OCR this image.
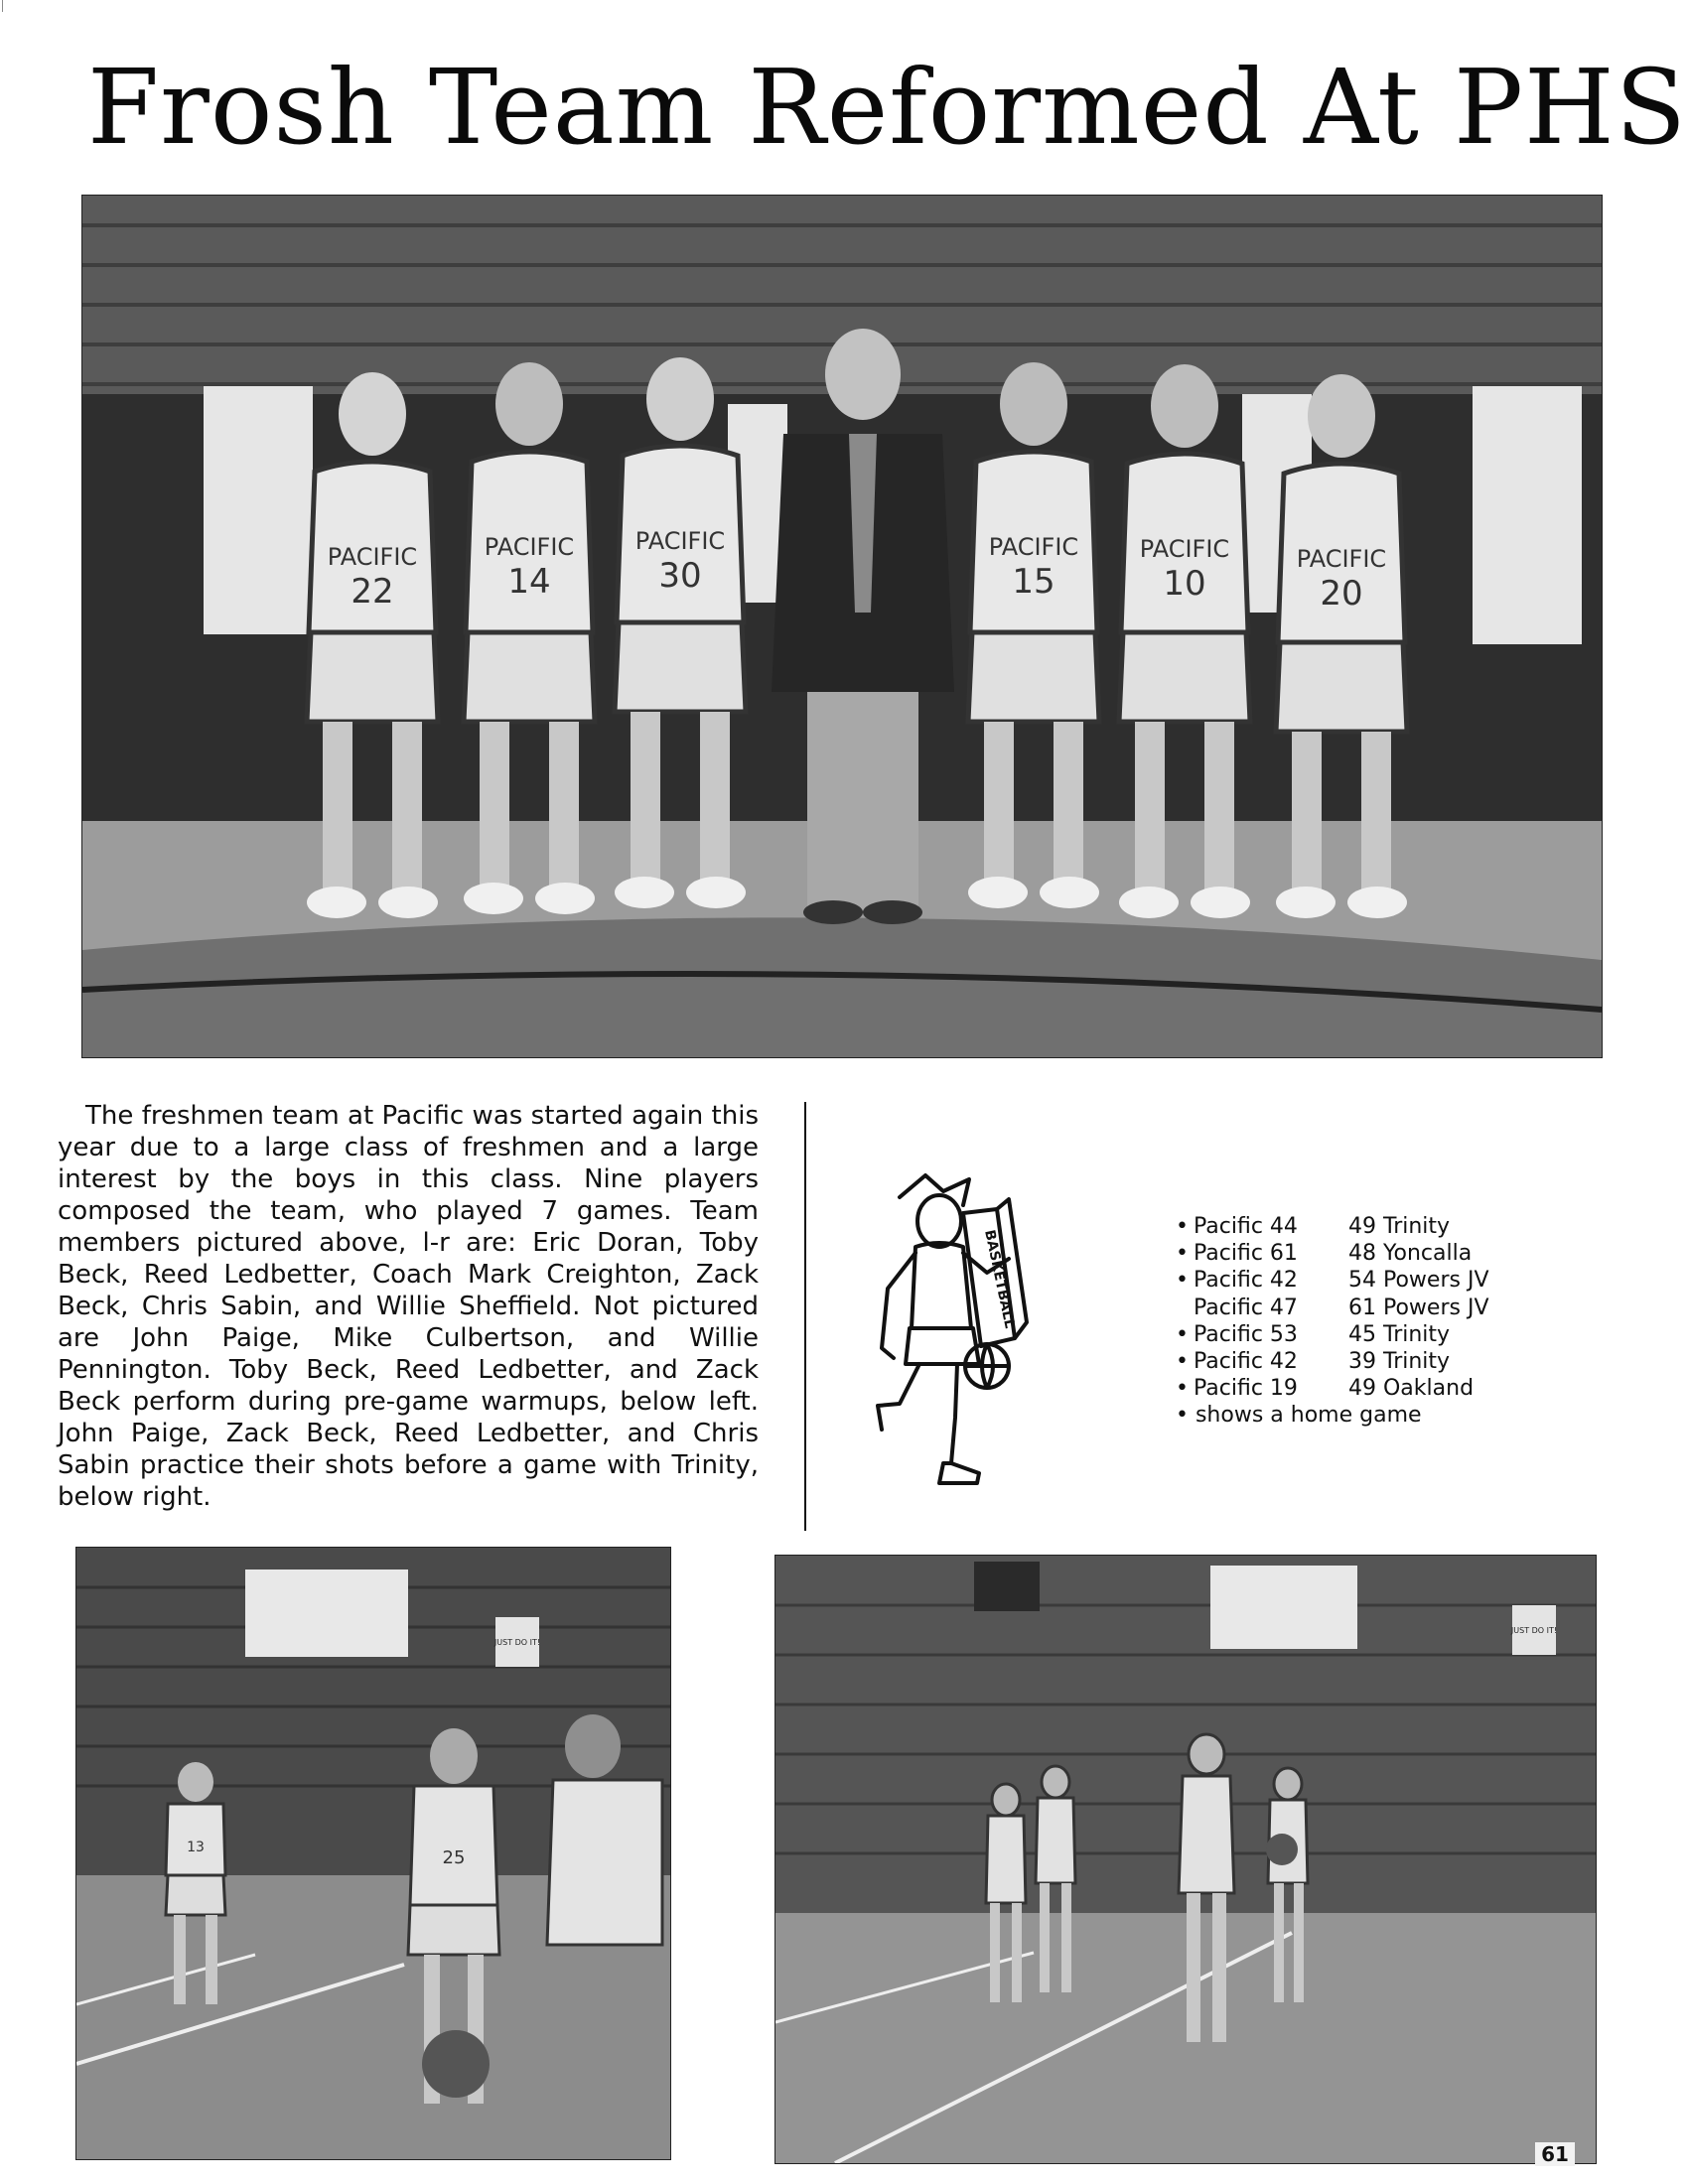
Frosh Team Reformed At PHS
PACIFIC
22
PACIFIC
14
PACIFIC
30
PACIFIC
15
PACIFIC
10
PACIFIC
20
The freshmen team at Pacific was started again this year due to a large class of freshmen and a large interest by the boys in this class. Nine players composed the team, who played 7 games. Team members pictured above, l-r are: Eric Doran, Toby Beck, Reed Ledbetter, Coach Mark Creighton, Zack Beck, Chris Sabin, and Willie Sheffield. Not pictured are John Paige, Mike Culbertson, and Willie Pennington. Toby Beck, Reed Ledbetter, and Zack Beck perform during pre-game warmups, below left. John Paige, Zack Beck, Reed Ledbetter, and Chris Sabin practice their shots before a game with Trinity, below right.
BASKETBALL
• Pacific 44	49 Trinity
• Pacific 61	48 Yoncalla
• Pacific 42	54 Powers JV
Pacific 47	61 Powers JV
• Pacific 53	45 Trinity
• Pacific 42	39 Trinity
• Pacific 19	49 Oakland
• shows a home game
JUST DO IT!
13	25
JUST DO IT!
61
